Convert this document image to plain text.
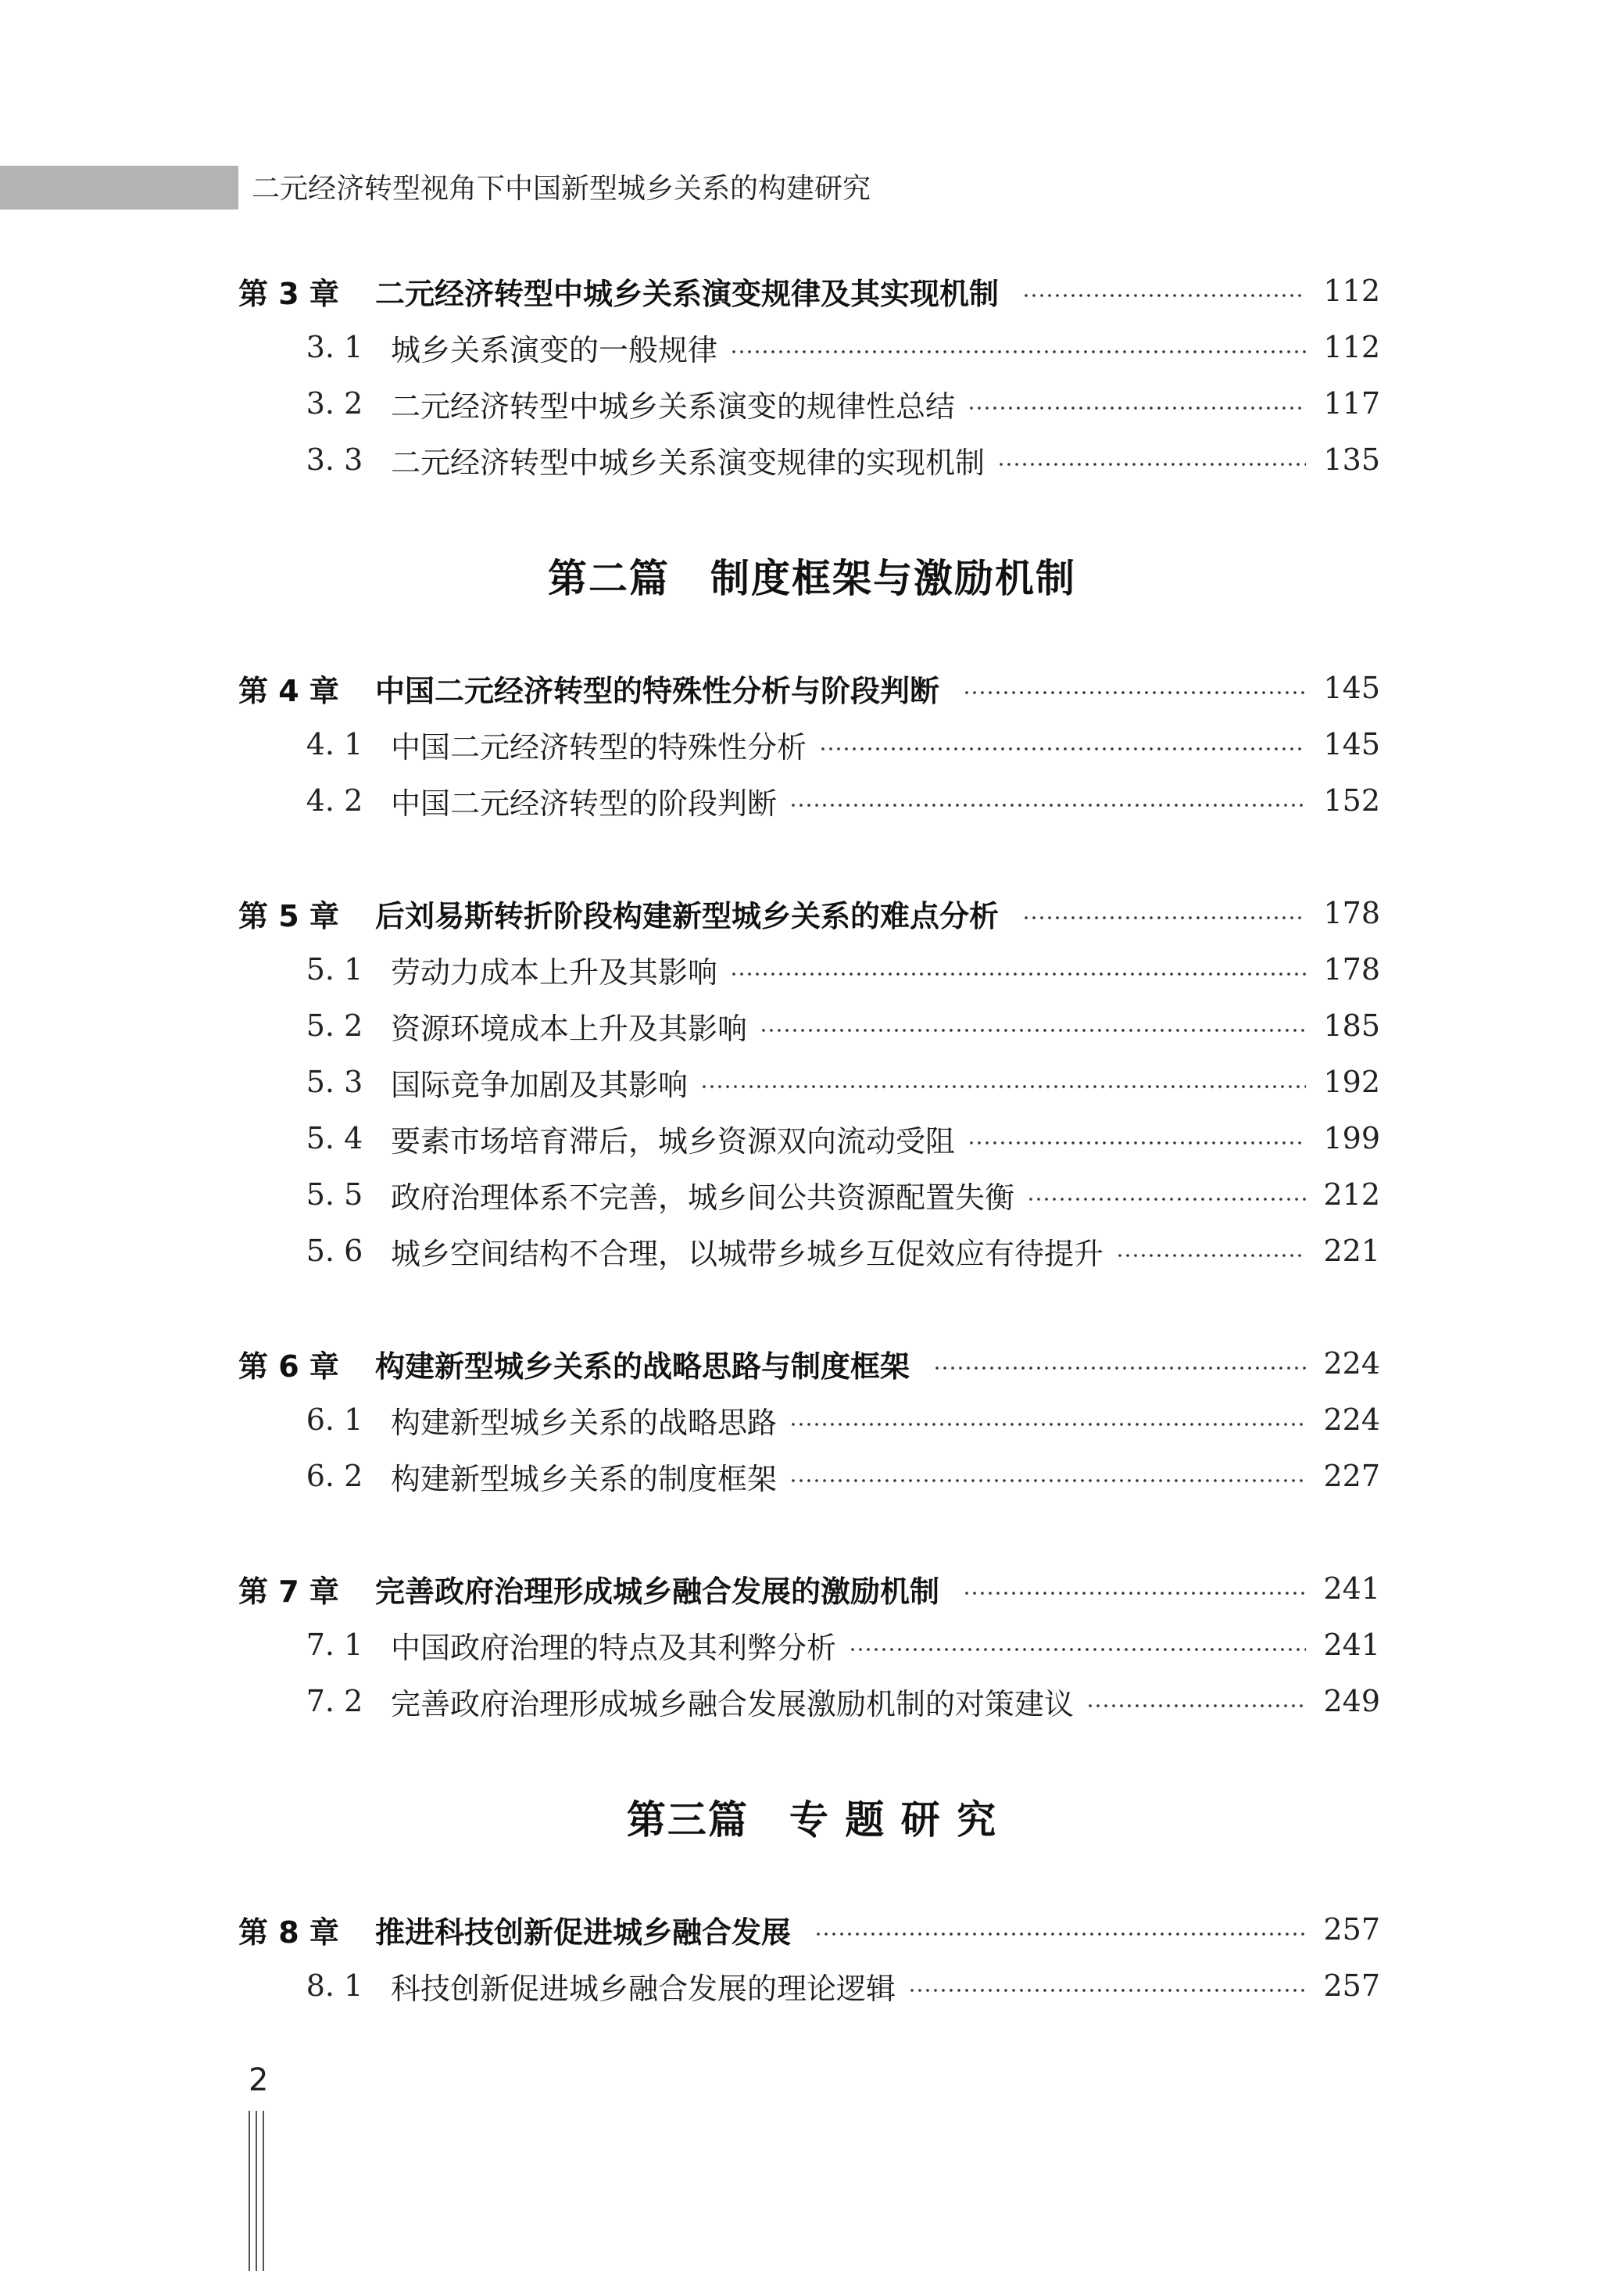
二元经济转型视角下中国新型城乡关系的构建研究
第 3 章 二元经济转型中城乡关系演变规律及其实现机制	112
3. 1 城乡关系演变的一般规律	112
3. 2 二元经济转型中城乡关系演变的规律性总结	117
3. 3 二元经济转型中城乡关系演变规律的实现机制	135
第二篇　制度框架与激励机制
第 4 章 中国二元经济转型的特殊性分析与阶段判断	145
4. 1 中国二元经济转型的特殊性分析	145
4. 2 中国二元经济转型的阶段判断	152
第 5 章 后刘易斯转折阶段构建新型城乡关系的难点分析	178
5. 1 劳动力成本上升及其影响	178
5. 2 资源环境成本上升及其影响	185
5. 3 国际竞争加剧及其影响	192
5. 4 要素市场培育滞后，城乡资源双向流动受阻	199
5. 5 政府治理体系不完善，城乡间公共资源配置失衡	212
5. 6 城乡空间结构不合理，以城带乡城乡互促效应有待提升	221
第 6 章 构建新型城乡关系的战略思路与制度框架	224
6. 1 构建新型城乡关系的战略思路	224
6. 2 构建新型城乡关系的制度框架	227
第 7 章 完善政府治理形成城乡融合发展的激励机制	241
7. 1 中国政府治理的特点及其利弊分析	241
7. 2 完善政府治理形成城乡融合发展激励机制的对策建议	249
第三篇　专 题 研 究
第 8 章 推进科技创新促进城乡融合发展	257
8. 1 科技创新促进城乡融合发展的理论逻辑	257
2
